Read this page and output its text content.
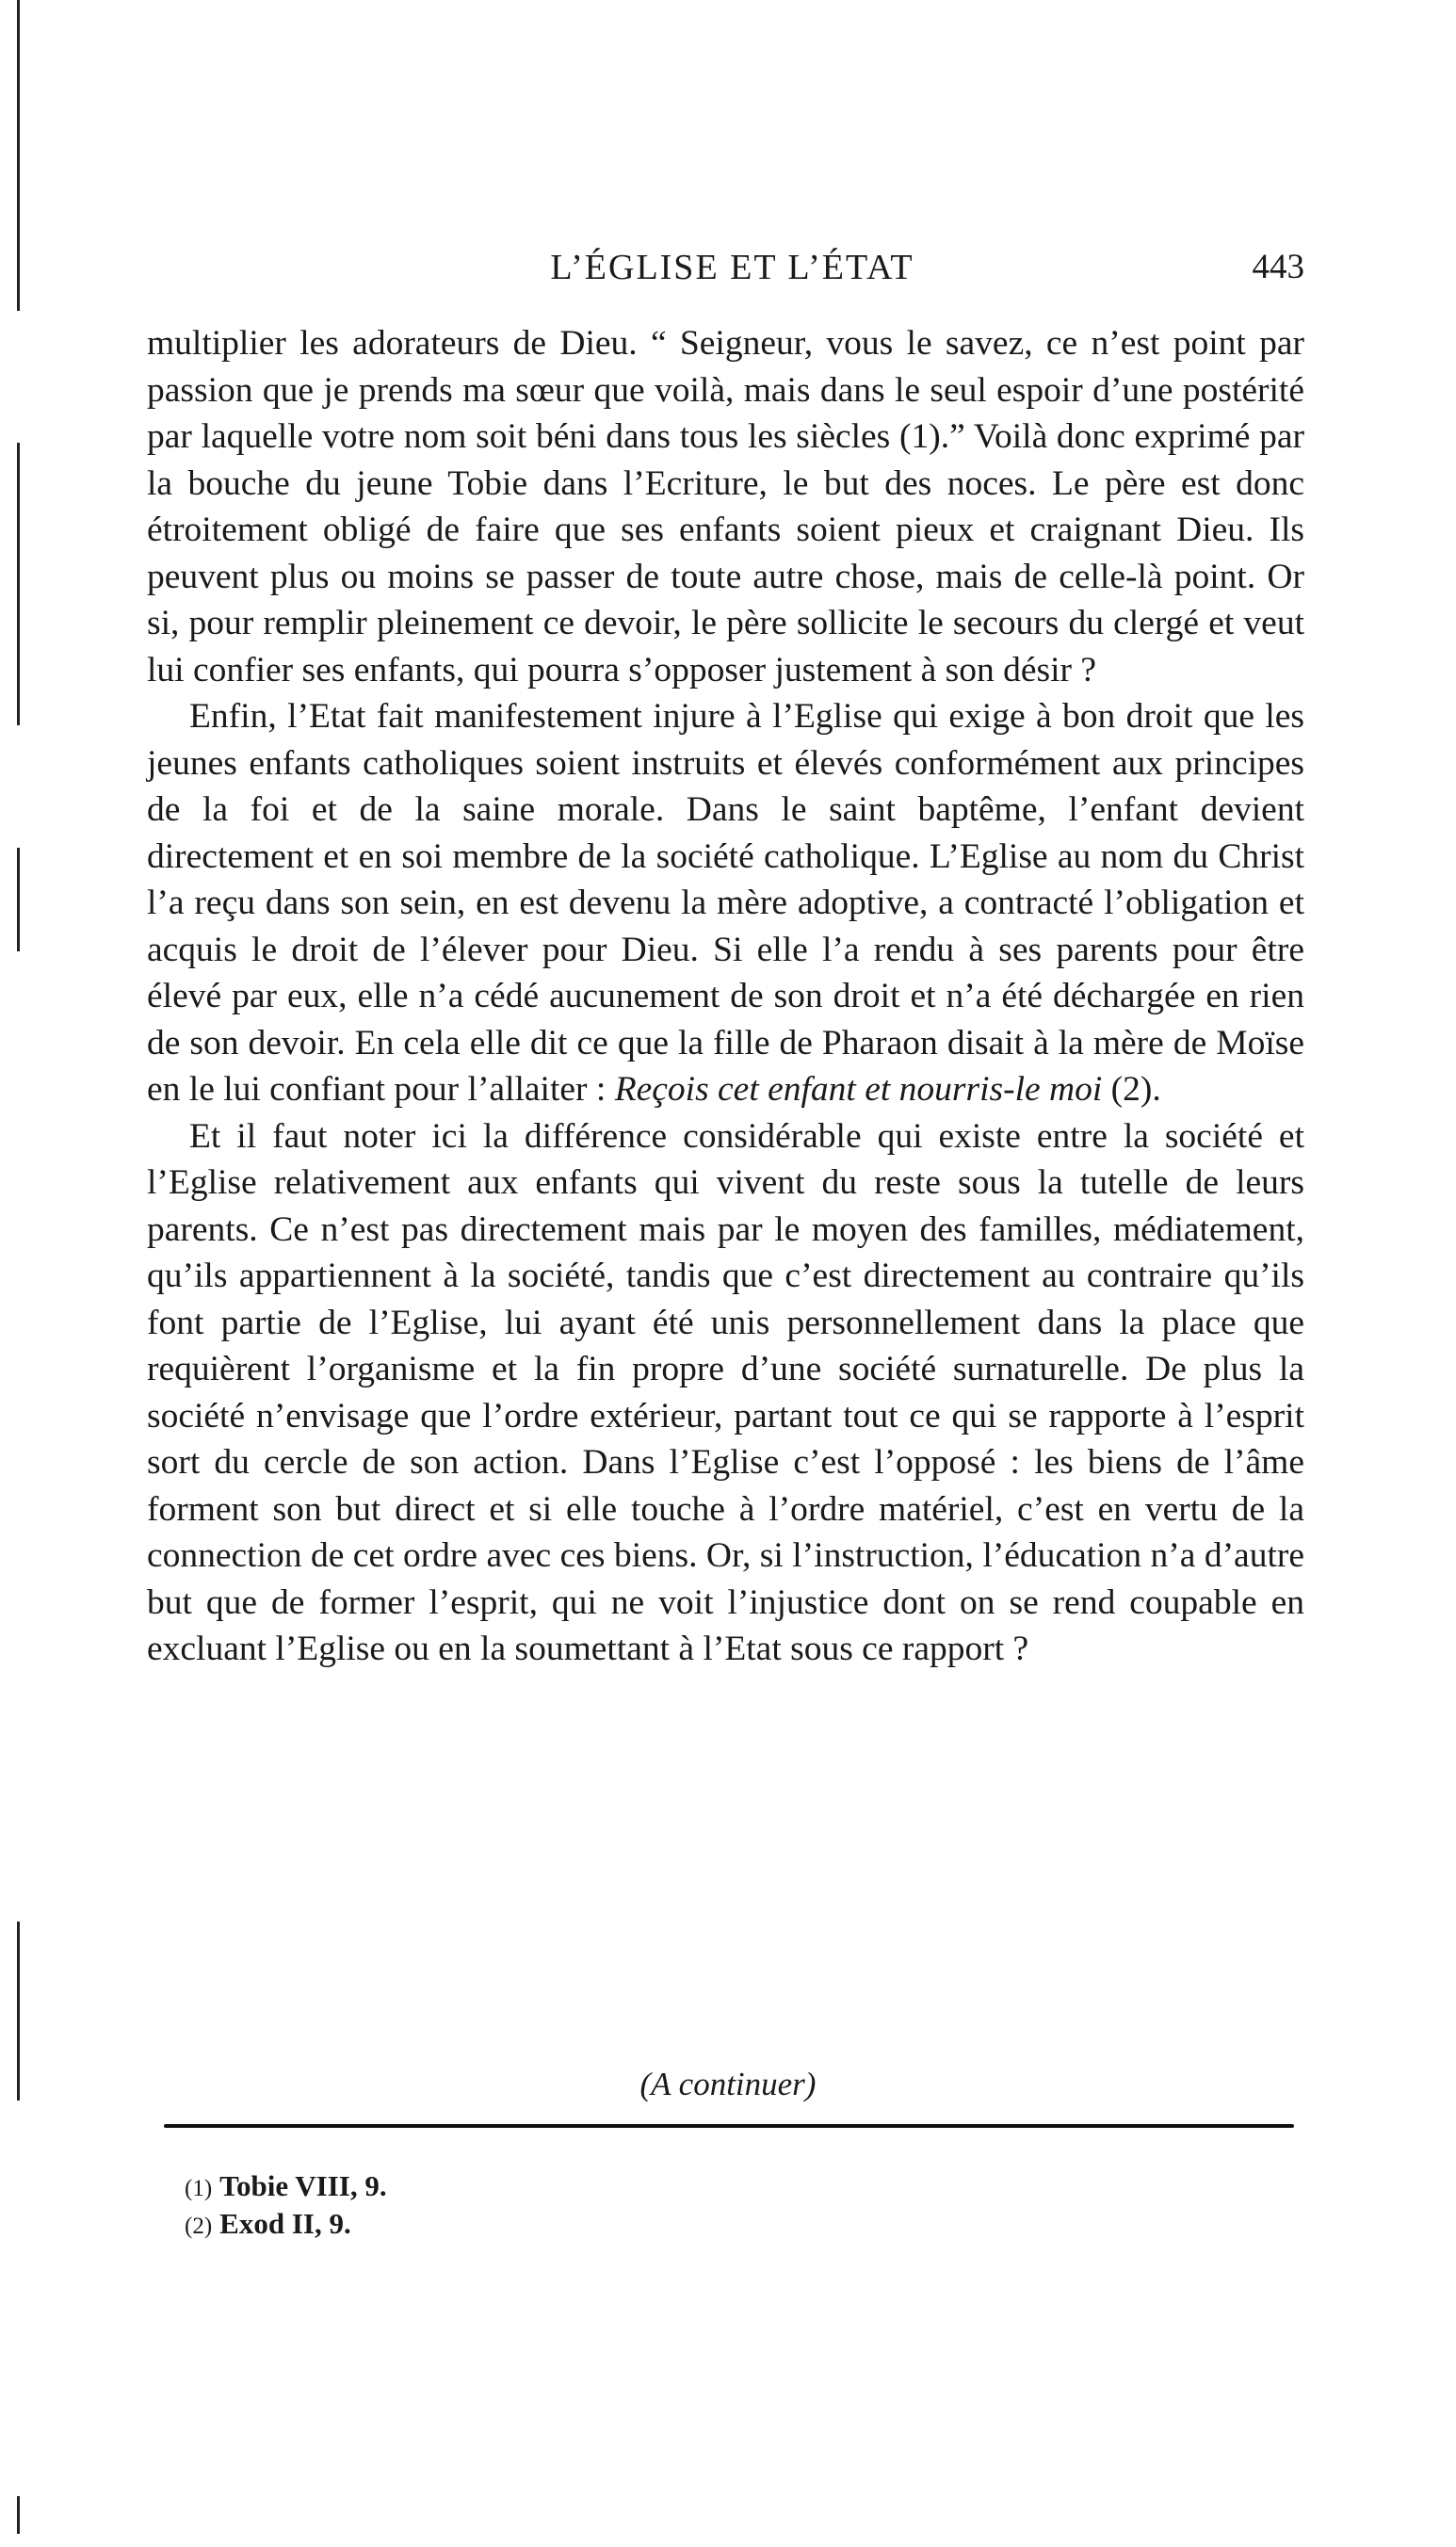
L’ÉGLISE ET L’ÉTAT	443

multiplier les adorateurs de Dieu. “ Seigneur, vous le savez, ce n’est point par passion que je prends ma sœur que voilà, mais dans le seul espoir d’une postérité par laquelle votre nom soit béni dans tous les siècles (1).” Voilà donc exprimé par la bouche du jeune Tobie dans l’Ecriture, le but des noces. Le père est donc étroitement obligé de faire que ses enfants soient pieux et craignant Dieu. Ils peuvent plus ou moins se passer de toute autre chose, mais de celle-là point. Or si, pour remplir pleinement ce devoir, le père sollicite le secours du clergé et veut lui confier ses enfants, qui pourra s’opposer justement à son désir ?

Enfin, l’Etat fait manifestement injure à l’Eglise qui exige à bon droit que les jeunes enfants catholiques soient instruits et élevés conformément aux principes de la foi et de la saine morale. Dans le saint baptême, l’enfant devient directement et en soi membre de la société catholique. L’Eglise au nom du Christ l’a reçu dans son sein, en est devenu la mère adoptive, a contracté l’obligation et acquis le droit de l’élever pour Dieu. Si elle l’a rendu à ses parents pour être élevé par eux, elle n’a cédé aucunement de son droit et n’a été déchargée en rien de son devoir. En cela elle dit ce que la fille de Pharaon disait à la mère de Moïse en le lui confiant pour l’allaiter : Reçois cet enfant et nourris-le moi (2).

Et il faut noter ici la différence considérable qui existe entre la société et l’Eglise relativement aux enfants qui vivent du reste sous la tutelle de leurs parents. Ce n’est pas directement mais par le moyen des familles, médiatement, qu’ils appartiennent à la société, tandis que c’est directement au contraire qu’ils font partie de l’Eglise, lui ayant été unis personnellement dans la place que requièrent l’organisme et la fin propre d’une société surnaturelle. De plus la société n’envisage que l’ordre extérieur, partant tout ce qui se rapporte à l’esprit sort du cercle de son action. Dans l’Eglise c’est l’opposé : les biens de l’âme forment son but direct et si elle touche à l’ordre matériel, c’est en vertu de la connection de cet ordre avec ces biens. Or, si l’instruction, l’éducation n’a d’autre but que de former l’esprit, qui ne voit l’injustice dont on se rend coupable en excluant l’Eglise ou en la soumettant à l’Etat sous ce rapport ?

(A continuer)
(1) Tobie VIII, 9.
(2) Exod II, 9.
